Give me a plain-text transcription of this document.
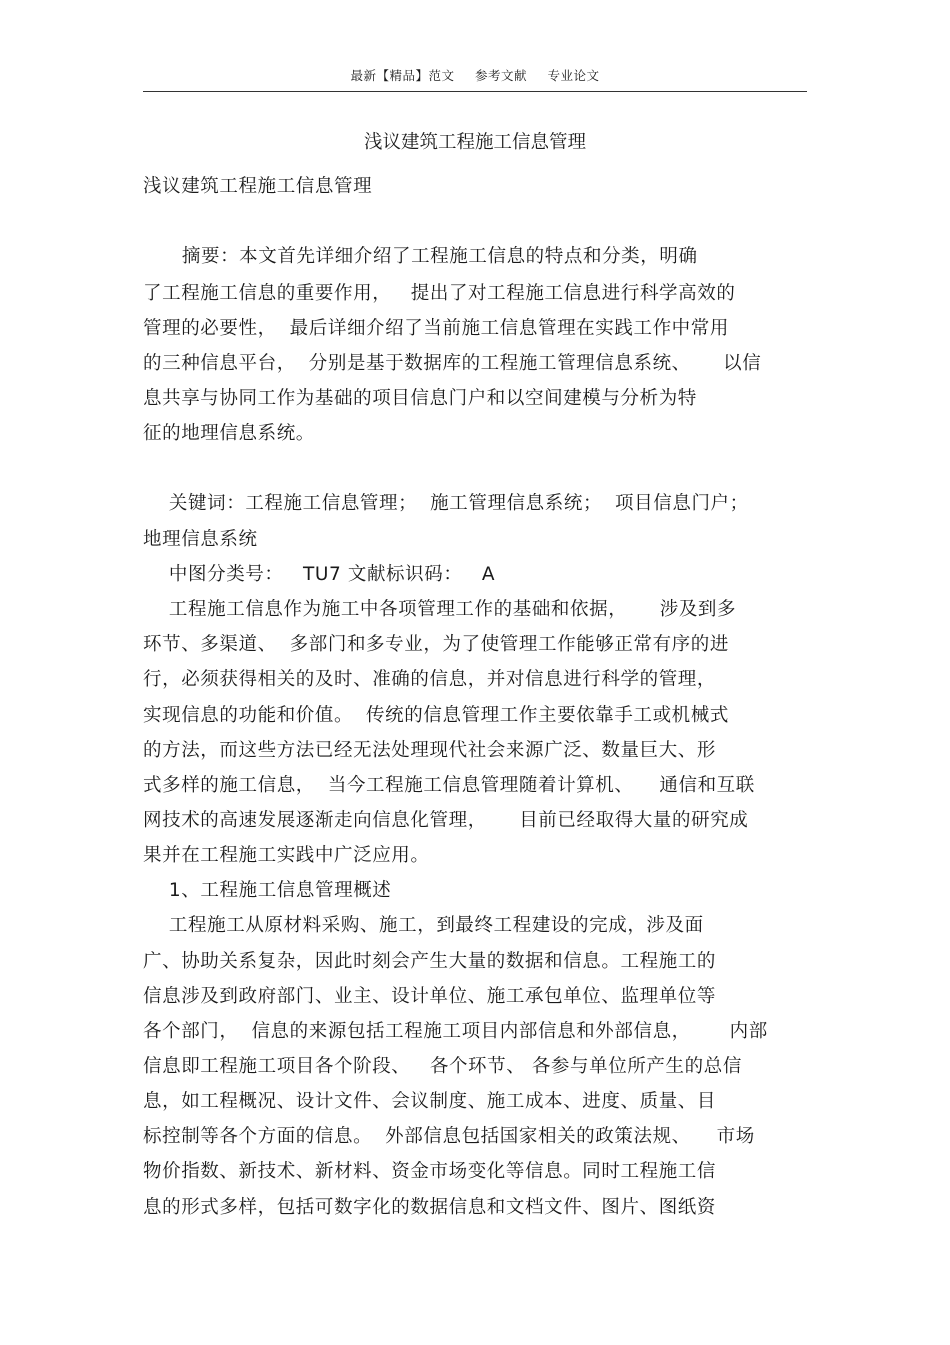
最新【精品】范文 参考文献 专业论文
浅议建筑工程施工信息管理
浅议建筑工程施工信息管理
摘要：本文首先详细介绍了工程施工信息的特点和分类，明确
了工程施工信息的重要作用，   提出了对工程施工信息进行科学高效的
管理的必要性，  最后详细介绍了当前施工信息管理在实践工作中常用
的三种信息平台，  分别是基于数据库的工程施工管理信息系统、     以信
息共享与协同工作为基础的项目信息门户和以空间建模与分析为特
征的地理信息系统。
关键词：工程施工信息管理；  施工管理信息系统；  项目信息门户；
地理信息系统
中图分类号：   TU7 文献标识码：   A
工程施工信息作为施工中各项管理工作的基础和依据，     涉及到多
环节、多渠道、  多部门和多专业，为了使管理工作能够正常有序的进
行，必须获得相关的及时、准确的信息，并对信息进行科学的管理，
实现信息的功能和价值。  传统的信息管理工作主要依靠手工或机械式
的方法，而这些方法已经无法处理现代社会来源广泛、数量巨大、形
式多样的施工信息，  当今工程施工信息管理随着计算机、    通信和互联
网技术的高速发展逐渐走向信息化管理，     目前已经取得大量的研究成
果并在工程施工实践中广泛应用。
1、工程施工信息管理概述
工程施工从原材料采购、施工，到最终工程建设的完成，涉及面
广、协助关系复杂，因此时刻会产生大量的数据和信息。工程施工的
信息涉及到政府部门、业主、设计单位、施工承包单位、监理单位等
各个部门，  信息的来源包括工程施工项目内部信息和外部信息，      内部
信息即工程施工项目各个阶段、   各个环节、 各参与单位所产生的总信
息，如工程概况、设计文件、会议制度、施工成本、进度、质量、目
标控制等各个方面的信息。  外部信息包括国家相关的政策法规、    市场
物价指数、新技术、新材料、资金市场变化等信息。同时工程施工信
息的形式多样，包括可数字化的数据信息和文档文件、图片、图纸资
